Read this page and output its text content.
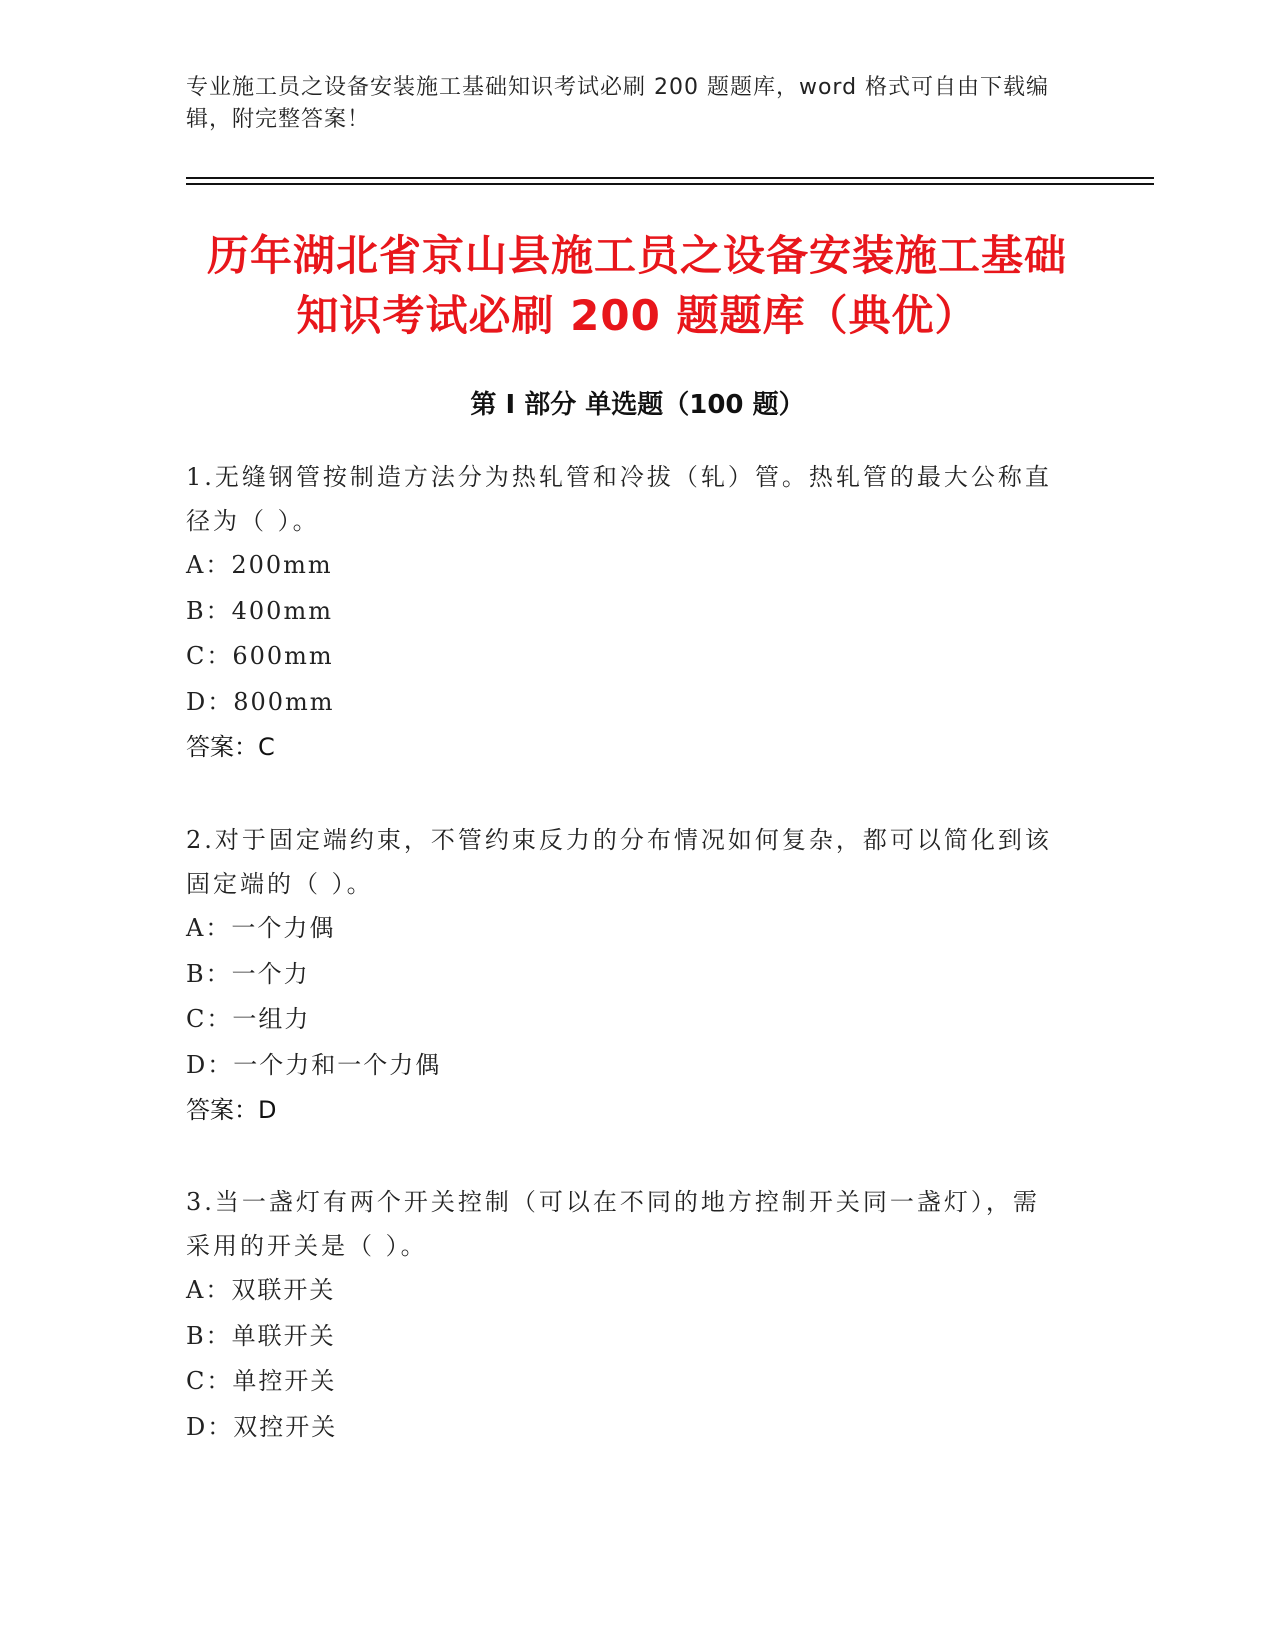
专业施工员之设备安装施工基础知识考试必刷 200 题题库，word 格式可自由下载编辑，附完整答案！
历年湖北省京山县施工员之设备安装施工基础知识考试必刷 200 题题库（典优）
第 I 部分 单选题（100 题）

1.无缝钢管按制造方法分为热轧管和冷拔（轧）管。热轧管的最大公称直径为（ ）。

A：200mm

B：400mm

C：600mm

D：800mm

答案：C

2.对于固定端约束，不管约束反力的分布情况如何复杂，都可以简化到该固定端的（ ）。

A：一个力偶

B：一个力

C：一组力

D：一个力和一个力偶

答案：D

3.当一盏灯有两个开关控制（可以在不同的地方控制开关同一盏灯），需采用的开关是（ ）。

A：双联开关

B：单联开关

C：单控开关

D：双控开关
